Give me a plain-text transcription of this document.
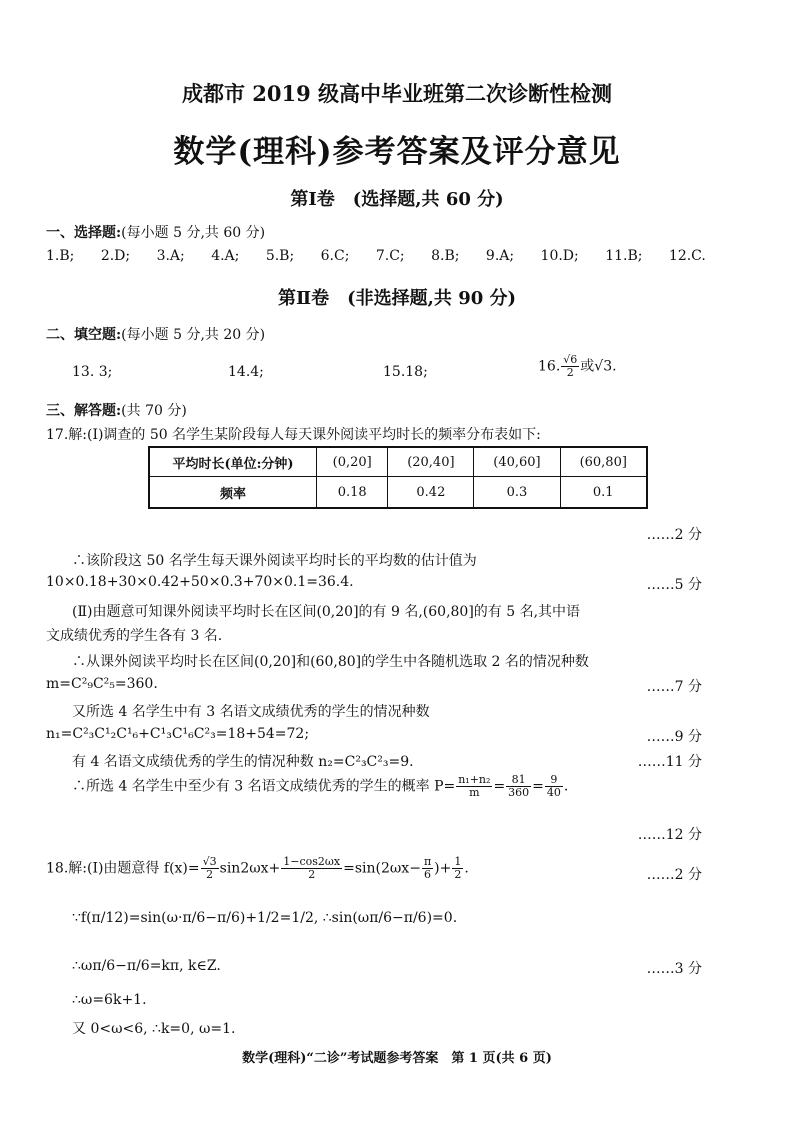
成都市 2019 级高中毕业班第二次诊断性检测
数学(理科)参考答案及评分意见
第Ⅰ卷　(选择题,共 60 分)
一、选择题:(每小题 5 分,共 60 分)
1.B; 2.D; 3.A; 4.A; 5.B; 6.C; 7.C; 8.B; 9.A; 10.D; 11.B; 12.C.
第Ⅱ卷　(非选择题,共 90 分)
二、填空题:(每小题 5 分,共 20 分)
13. 3;	14.4;	15.18;	16. $\frac{√6}{2}$ 或√3.
三、解答题:(共 70 分)
17.解:(Ⅰ)调查的 50 名学生某阶段每人每天课外阅读平均时长的频率分布表如下:
平均时长(单位:分钟)	(0,20]	(20,40]	(40,60]	(60,80]
频率	0.18	0.42	0.3	0.1
……2 分
∴该阶段这 50 名学生每天课外阅读平均时长的平均数的估计值为
10×0.18+30×0.42+50×0.3+70×0.1=36.4.	……5 分
(Ⅱ)由题意可知课外阅读平均时长在区间(0,20]的有 9 名,(60,80]的有 5 名,其中语
文成绩优秀的学生各有 3 名.
∴从课外阅读平均时长在区间(0,20]和(60,80]的学生中各随机选取 2 名的情况种数
m=C²₉C²₅=360.	……7 分
又所选 4 名学生中有 3 名语文成绩优秀的学生的情况种数
n₁=C²₃C¹₂C¹₆+C¹₃C¹₆C²₃=18+54=72;	……9 分
有 4 名语文成绩优秀的学生的情况种数 n₂=C²₃C²₃=9.	……11 分
∴所选 4 名学生中至少有 3 名语文成绩优秀的学生的概率 $P= \frac{\text{n₁+n₂}}{m} = \frac{81}{360} = \frac{9}{40}$ .
……12 分
18.解:(Ⅰ)由题意得 $f(x)= \frac{√3}{2} \sin 2\omega x+ \frac{1-\cos 2\omega x}{2} =\sin(2\omega x- \frac{\pi}{6}$ )+ $\frac{1}{2}$ .	……2 分
∵f(π/12)=sin(ω·π/6−π/6)+1/2=1/2, ∴sin(ωπ/6−π/6)=0.
∴ωπ/6−π/6=kπ, k∈Z.	……3 分
∴ω=6k+1.
又 0<ω<6, ∴k=0, ω=1.
数学(理科)“二诊”考试题参考答案　第 1 页(共 6 页)
